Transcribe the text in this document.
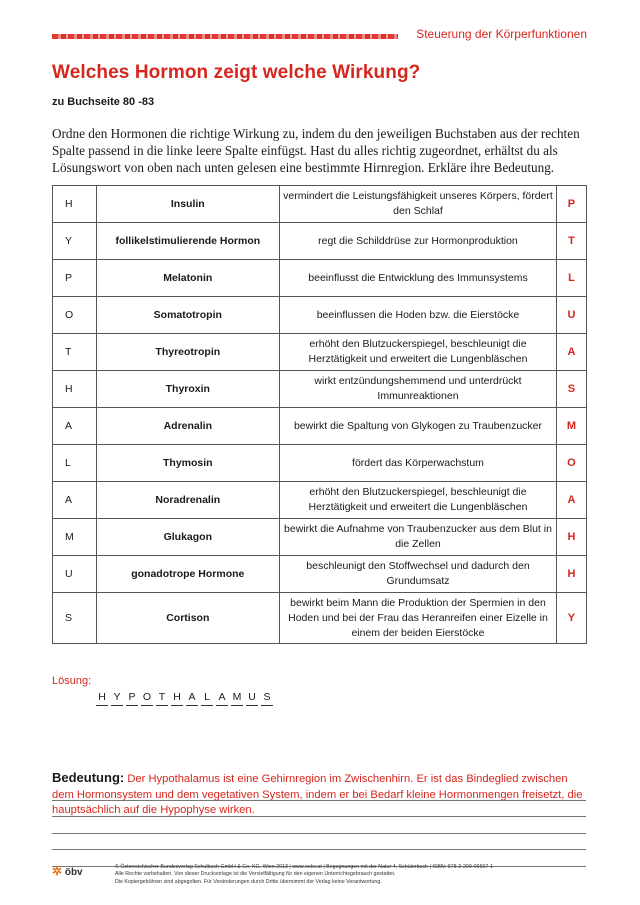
Steuerung der Körperfunktionen
Welches Hormon zeigt welche Wirkung?
zu Buchseite 80 -83
Ordne den Hormonen die richtige Wirkung zu, indem du den jeweiligen Buchstaben aus der rechten Spalte passend in die linke leere Spalte einfügst. Hast du alles richtig zugeordnet, erhältst du als Lösungswort von oben nach unten gelesen eine bestimmte Hirnregion. Erkläre ihre Bedeutung.
H	Insulin	vermindert die Leistungsfähigkeit unseres Körpers, fördert den Schlaf	P
Y	follikelstimulierende Hormon	regt die Schilddrüse zur Hormonproduktion	T
P	Melatonin	beeinflusst die Entwicklung des Immunsystems	L
O	Somatotropin	beeinflussen die Hoden bzw. die Eierstöcke	U
T	Thyreotropin	erhöht den Blutzuckerspiegel, beschleunigt die Herztätigkeit und erweitert die Lungenbläschen	A
H	Thyroxin	wirkt entzündungshemmend und unterdrückt Immunreaktionen	S
A	Adrenalin	bewirkt die Spaltung von Glykogen zu Traubenzucker	M
L	Thymosin	fördert das Körperwachstum	O
A	Noradrenalin	erhöht den Blutzuckerspiegel, beschleunigt die Herztätigkeit und erweitert die Lungenbläschen	A
M	Glukagon	bewirkt die Aufnahme von Traubenzucker aus dem Blut in die Zellen	H
U	gonadotrope Hormone	beschleunigt den Stoffwechsel und dadurch den Grundumsatz	H
S	Cortison	bewirkt beim Mann die Produktion der Spermien in den Hoden und bei der Frau das Heranreifen einer Eizelle in einem der beiden Eierstöcke	Y
Lösung:
H Y P O T H A L A M U S
Bedeutung: Der Hypothalamus ist eine Gehirnregion im Zwischenhirn. Er ist das Bindeglied zwischen dem Hormonsystem und dem vegetativen System, indem er bei Bedarf kleine Hormonmengen freisetzt, die hauptsächlich auf die Hypophyse wirken.
✲ öbv	© Österreichischer Bundesverlag Schulbuch GmbH & Co. KG, Wien 2013 | www.oebv.at | Begegnungen mit der Natur 4, Schülerbuch | ISBN: 978-3-209-06597-1
Alle Rechte vorbehalten. Von dieser Druckvorlage ist die Vervielfältigung für den eigenen Unterrichtsgebrauch gestattet.
Die Kopiergebühren sind abgegolten. Für Veränderungen durch Dritte übernimmt der Verlag keine Verantwortung.
